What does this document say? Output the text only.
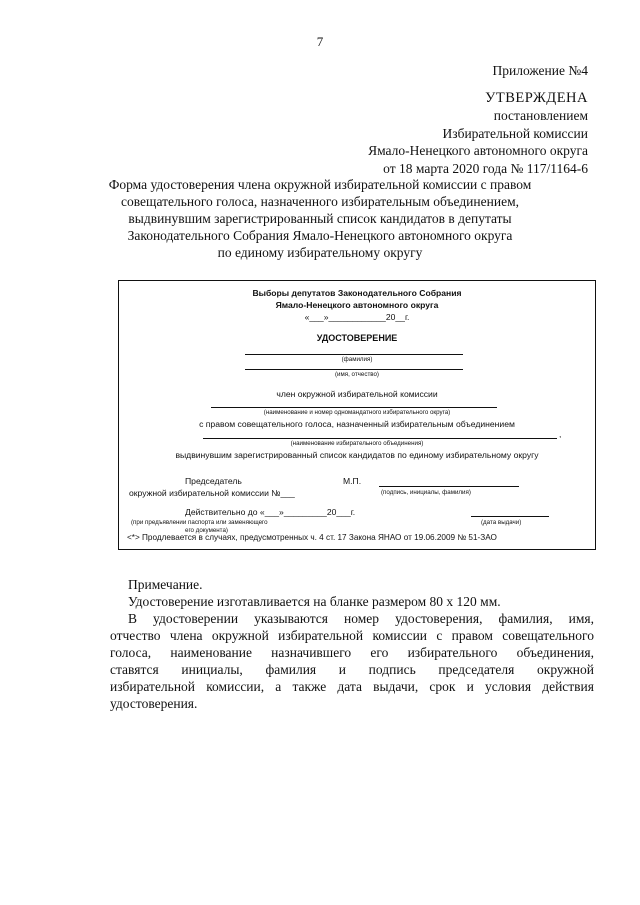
7
Приложение №4
УТВЕРЖДЕНА
постановлением
Избирательной комиссии
Ямало-Ненецкого автономного округа
от 18 марта 2020 года № 117/1164-6
Форма удостоверения члена окружной избирательной комиссии с правом
совещательного голоса, назначенного избирательным объединением,
выдвинувшим зарегистрированный список кандидатов в депутаты
Законодательного Собрания Ямало-Ненецкого автономного округа
по единому избирательному округу
Выборы депутатов Законодательного Собрания
Ямало-Ненецкого автономного округа
«___»____________20__г.
УДОСТОВЕРЕНИЕ
(фамилия)
(имя, отчество)
член окружной избирательной комиссии
(наименование и номер одномандатного избирательного округа)
с правом совещательного голоса, назначенный избирательным объединением
,
(наименование избирательного объединения)
выдвинувшим зарегистрированный список кандидатов по единому избирательному округу
Председатель
окружной избирательной комиссии №___
М.П.
(подпись, инициалы, фамилия)
Действительно до «___»_________20___г.
(при предъявлении паспорта или заменяющего
его документа)
(дата выдачи)
<*> Продлевается в случаях, предусмотренных ч. 4 ст. 17 Закона ЯНАО от 19.06.2009 № 51-ЗАО

Примечание.

Удостоверение изготавливается на бланке размером 80 х 120 мм.

В удостоверении указываются номер удостоверения, фамилия, имя,

отчество члена окружной избирательной комиссии с правом совещательного

голоса, наименование назначившего его избирательного объединения,

ставятся инициалы, фамилия и подпись председателя окружной

избирательной комиссии, а также дата выдачи, срок и условия действия

удостоверения.
